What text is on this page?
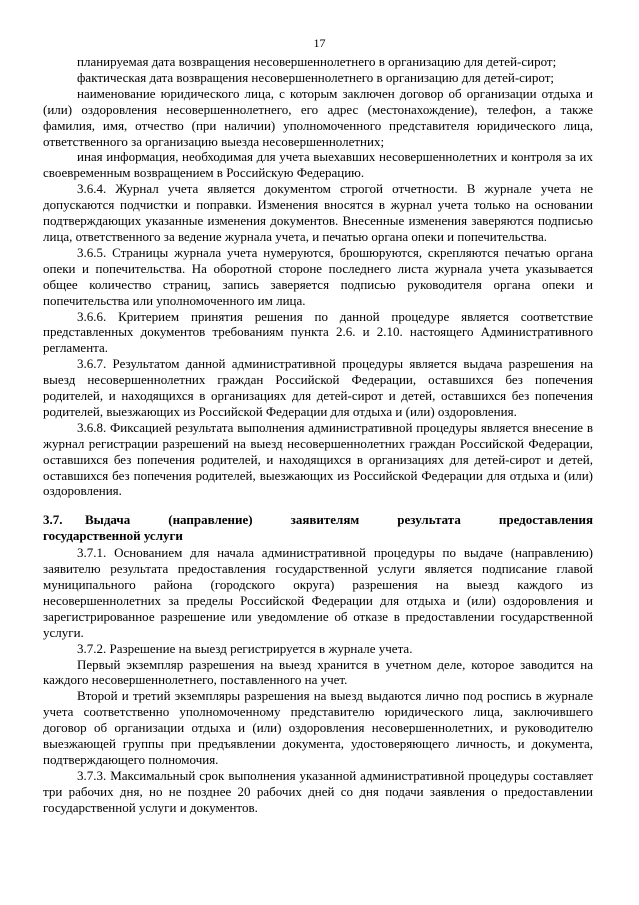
17

планируемая дата возвращения несовершеннолетнего в организацию для детей-сирот;

фактическая дата возвращения несовершеннолетнего в организацию для детей-сирот;

наименование юридического лица, с которым заключен договор об организации отдыха и (или) оздоровления несовершеннолетнего, его адрес (местонахождение), телефон, а также фамилия, имя, отчество (при наличии) уполномоченного представителя юридического лица, ответственного за организацию выезда несовершеннолетних;

иная информация, необходимая для учета выехавших несовершеннолетних и контроля за их своевременным возвращением в Российскую Федерацию.

3.6.4. Журнал учета является документом строгой отчетности. В журнале учета не допускаются подчистки и поправки. Изменения вносятся в журнал учета только на основании подтверждающих указанные изменения документов. Внесенные изменения заверяются подписью лица, ответственного за ведение журнала учета, и печатью органа опеки и попечительства.

3.6.5. Страницы журнала учета нумеруются, брошюруются, скрепляются печатью органа опеки и попечительства. На оборотной стороне последнего листа журнала учета указывается общее количество страниц, запись заверяется подписью руководителя органа опеки и попечительства или уполномоченного им лица.

3.6.6. Критерием принятия решения по данной процедуре является соответствие представленных документов требованиям пункта 2.6. и 2.10. настоящего Административного регламента.

3.6.7. Результатом данной административной процедуры является выдача разрешения на выезд несовершеннолетних граждан Российской Федерации, оставшихся без попечения родителей, и находящихся в организациях для детей-сирот и детей, оставшихся без попечения родителей, выезжающих из Российской Федерации для отдыха и (или) оздоровления.

3.6.8. Фиксацией результата выполнения административной процедуры является внесение в журнал регистрации разрешений на выезд несовершеннолетних граждан Российской Федерации, оставшихся без попечения родителей, и находящихся в организациях для детей-сирот и детей, оставшихся без попечения родителей, выезжающих из Российской Федерации для отдыха и (или) оздоровления.

3.7. Выдача (направление) заявителям результата предоставления

государственной услуги

3.7.1. Основанием для начала административной процедуры по выдаче (направлению) заявителю результата предоставления государственной услуги является подписание главой муниципального района (городского округа) разрешения на выезд каждого из несовершеннолетних за пределы Российской Федерации для отдыха и (или) оздоровления и зарегистрированное разрешение или уведомление об отказе в предоставлении государственной услуги.

3.7.2. Разрешение на выезд регистрируется в журнале учета.

Первый экземпляр разрешения на выезд хранится в учетном деле, которое заводится на каждого несовершеннолетнего, поставленного на учет.

Второй и третий экземпляры разрешения на выезд выдаются лично под роспись в журнале учета соответственно уполномоченному представителю юридического лица, заключившего договор об организации отдыха и (или) оздоровления несовершеннолетних, и руководителю выезжающей группы при предъявлении документа, удостоверяющего личность, и документа, подтверждающего полномочия.

3.7.3. Максимальный срок выполнения указанной административной процедуры составляет три рабочих дня, но не позднее 20 рабочих дней со дня подачи заявления о предоставлении государственной услуги и документов.
